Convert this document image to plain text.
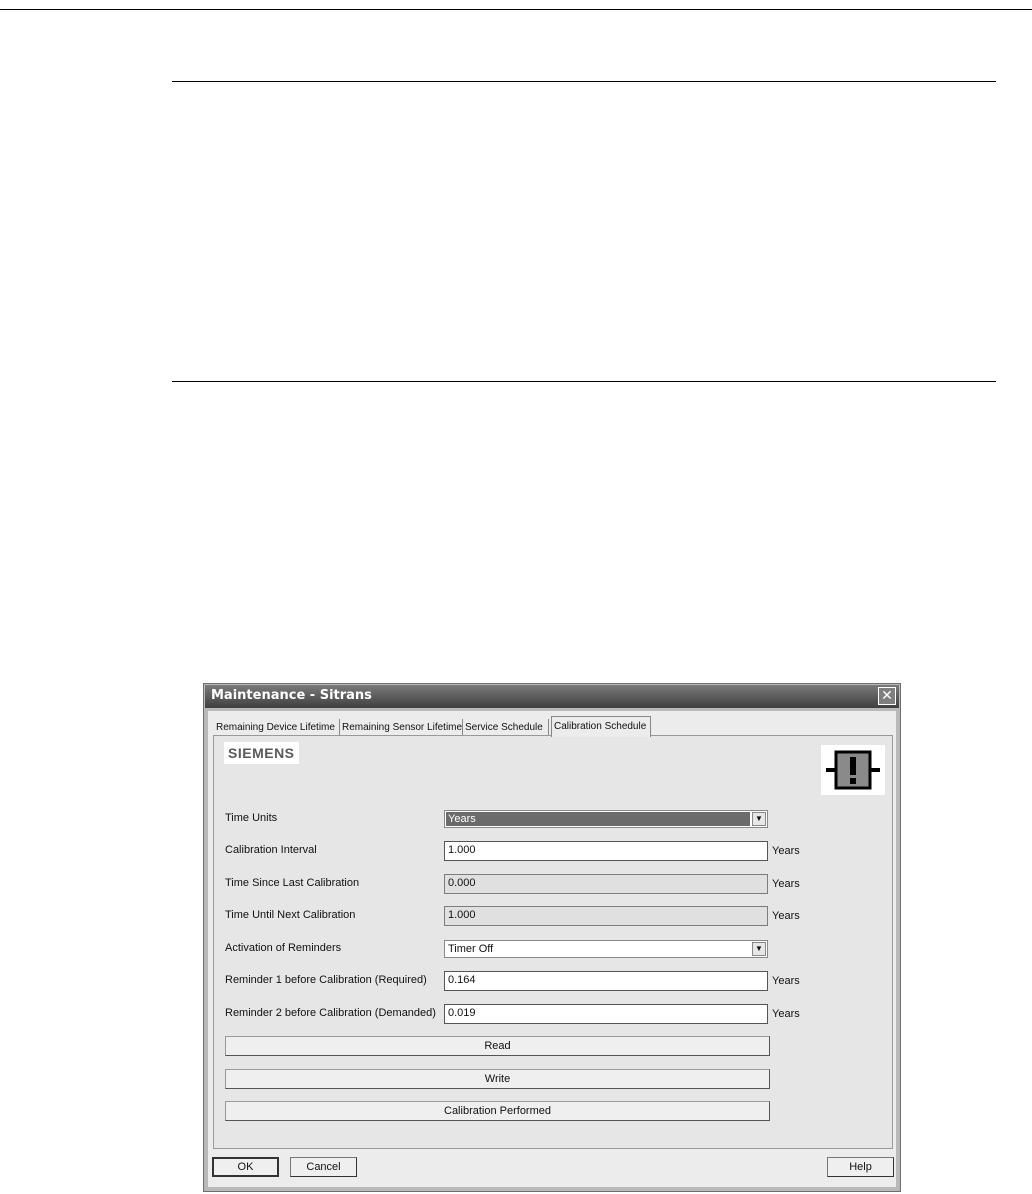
Maintenance - Sitrans	✕
Remaining Device Lifetime Remaining Sensor Lifetime Service Schedule	Calibration Schedule
SIEMENS
Time Units	Years	▼
Calibration Interval	1.000	Years
Time Since Last Calibration	0.000	Years
Time Until Next Calibration	1.000	Years
Activation of Reminders	Timer Off	▼
Reminder 1 before Calibration (Required)	0.164	Years
Reminder 2 before Calibration (Demanded)	0.019	Years
Read
Write
Calibration Performed
OK	Cancel	Help
